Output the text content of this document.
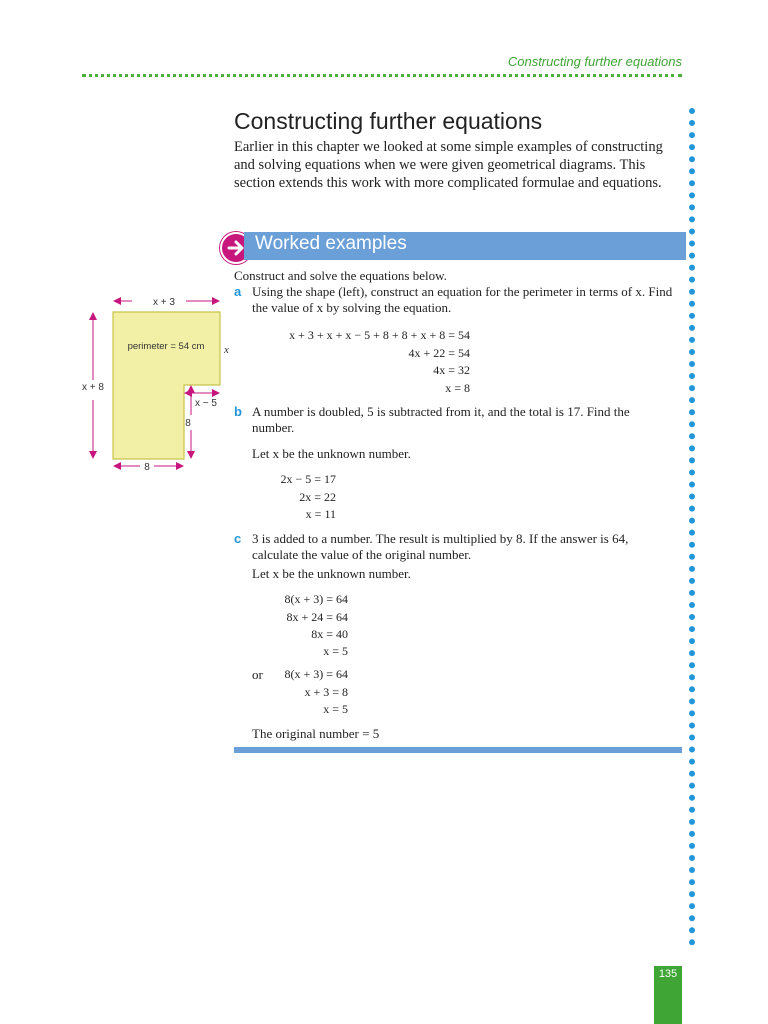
Constructing further equations
Constructing further equations

Earlier in this chapter we looked at some simple examples of constructing and solving equations when we were given geometrical diagrams. This section extends this work with more complicated formulae and equations.

Worked examples
Construct and solve the equations below.
x + 3
perimeter = 54 cm x
x + 8
x − 5
8
8
a Using the shape (left), construct an equation for the perimeter in terms of x. Find the value of x by solving the equation.
x + 3 + x + x − 5 + 8 + 8 + x + 8 = 54
4x + 22 = 54
4x = 32
x = 8
b A number is doubled, 5 is subtracted from it, and the total is 17. Find the number.
Let x be the unknown number.
2x − 5 = 17
2x = 22
x = 11
c 3 is added to a number. The result is multiplied by 8. If the answer is 64, calculate the value of the original number.
Let x be the unknown number.
8(x + 3) = 64
8x + 24 = 64
8x = 40
x = 5
or	8(x + 3) = 64
x + 3 = 8
x = 5
The original number = 5
135
